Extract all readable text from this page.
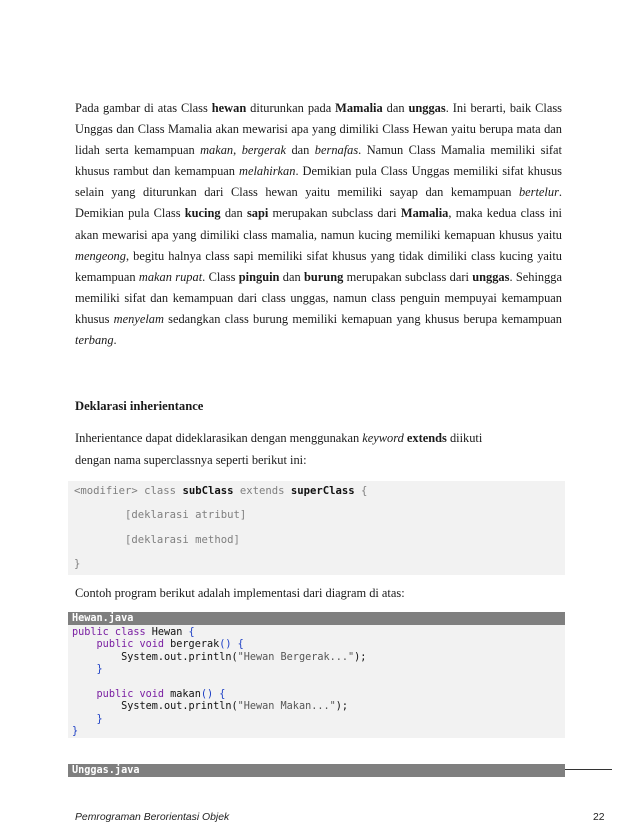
Pada gambar di atas Class hewan diturunkan pada Mamalia dan unggas. Ini berarti, baik Class Unggas dan Class Mamalia akan mewarisi apa yang dimiliki Class Hewan yaitu berupa mata dan lidah serta kemampuan makan, bergerak dan bernafas. Namun Class Mamalia memiliki sifat khusus rambut dan kemampuan melahirkan. Demikian pula Class Unggas memiliki sifat khusus selain yang diturunkan dari Class hewan yaitu memiliki sayap dan kemampuan bertelur. Demikian pula Class kucing dan sapi merupakan subclass dari Mamalia, maka kedua class ini akan mewarisi apa yang dimiliki class mamalia, namun kucing memiliki kemapuan khusus yaitu mengeong, begitu halnya class sapi memiliki sifat khusus yang tidak dimiliki class kucing yaitu kemampuan makan rupat. Class pinguin dan burung merupakan subclass dari unggas. Sehingga memiliki sifat dan kemampuan dari class unggas, namun class penguin mempuyai kemampuan khusus menyelam sedangkan class burung memiliki kemapuan yang khusus berupa kemampuan terbang.

Deklarasi inherientance

Inherientance dapat dideklarasikan dengan menggunakan keyword extends diikuti
dengan nama superclassnya seperti berikut ini:

<modifier> class subClass extends superClass {
[deklarasi atribut]
[deklarasi method]
}

Contoh program berikut adalah implementasi dari diagram di atas:

Hewan.java
public class Hewan {
public void bergerak() {
System.out.println("Hewan Bergerak...");
}
public void makan() {
System.out.println("Hewan Makan...");
}
}
Unggas.java
Pemrograman Berorientasi Objek	22
